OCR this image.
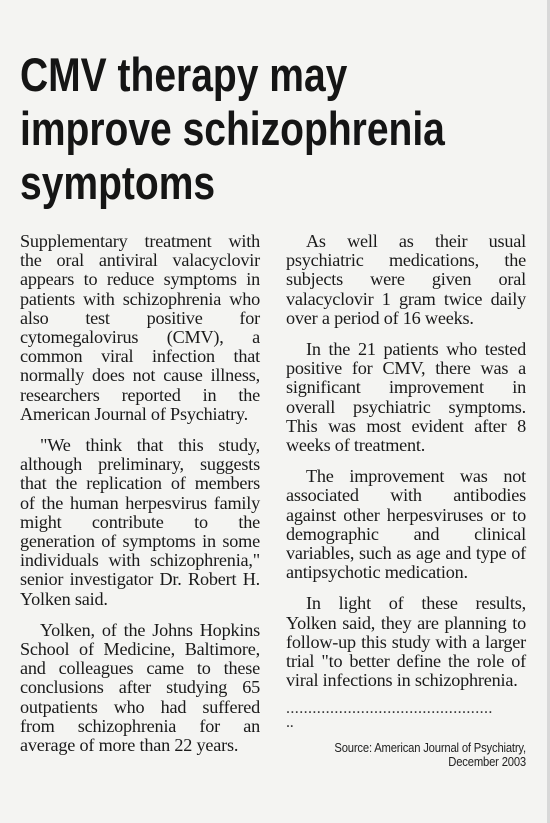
CMV therapy may
improve schizophrenia
symptoms

Supplementary treatment with the oral antiviral valacyclovir appears to reduce symptoms in patients with schizophrenia who also test positive for cytomegalovirus (CMV), a common viral infection that normally does not cause illness, researchers reported in the American Journal of Psychiatry.

"We think that this study, although preliminary, suggests that the replication of members of the human herpesvirus family might contribute to the generation of symptoms in some individuals with schizophrenia," senior investigator Dr. Robert H. Yolken said.

Yolken, of the Johns Hopkins School of Medicine, Baltimore, and colleagues came to these conclusions after studying 65 outpatients who had suffered from schizophrenia for an average of more than 22 years.

As well as their usual psychiatric medications, the subjects were given oral valacyclovir 1 gram twice daily over a period of 16 weeks.

In the 21 patients who tested positive for CMV, there was a significant improvement in overall psychiatric symptoms. This was most evident after 8 weeks of treatment.

The improvement was not associated with antibodies against other herpesviruses or to demographic and clinical variables, such as age and type of antipsychotic medication.

In light of these results, Yolken said, they are planning to follow-up this study with a larger trial "to better define the role of viral infections in schizophrenia.

...............................................
..
Source: American Journal of Psychiatry,
December 2003
